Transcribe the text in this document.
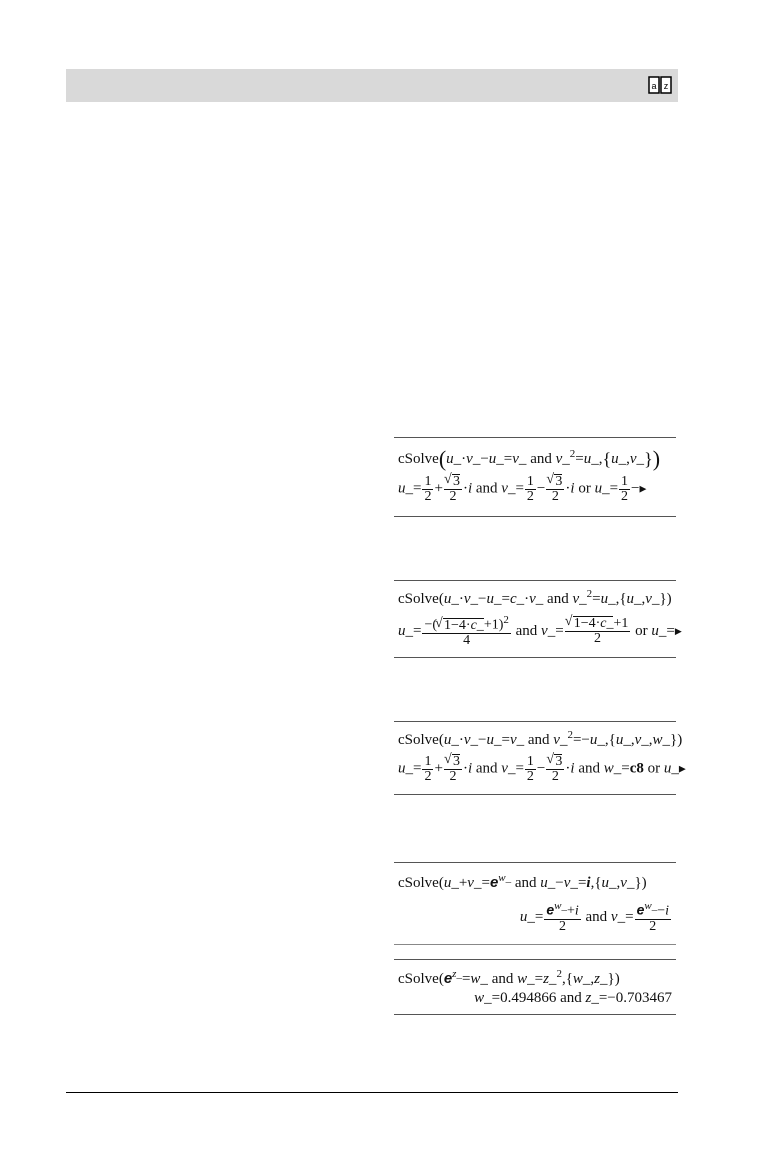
a z
cSolve(u_·v_−u_=v_ and v_$^2$=u_,{u_,v_})
u_= $\frac{1}{2}$ + √ $\frac{3}{2} \cdot i$ and v_= $\frac{1}{2}$ − √ $\frac{3}{2} \cdot i$ or u_= $\frac{1}{2}$ −▶
cSolve(u_·v_−u_=c_·v_ and v_$^2$=u_,{u_,v_})
u_= $\frac{-( √ 1-4\cdot c\_+1)^2}{4}$ and v_= √ $\frac{1-4\cdot c\_+1}{2}$ or u_=▶
cSolve(u_·v_−u_=v_ and v_$^2$=−u_,{u_,v_,w_})
u_= $\frac{1}{2}$ + √ $\frac{3}{2} \cdot i$ and v_= $\frac{1}{2}$ − √ $\frac{3}{2} \cdot i$ and w_=c8 or u_▶
$cSolve(u\_+v\_=e^{w\_}$ and u_−v_=i,{u_,v_})
u_= $\frac{e^{w\_}+i}{2}$ and v_= $\frac{e^{w\_}-i}{2}$
$cSolve(e^{z\_}=w\_$ and w_=z_$^2$,{w_,z_})
w_=0.494866 and z_=−0.703467
